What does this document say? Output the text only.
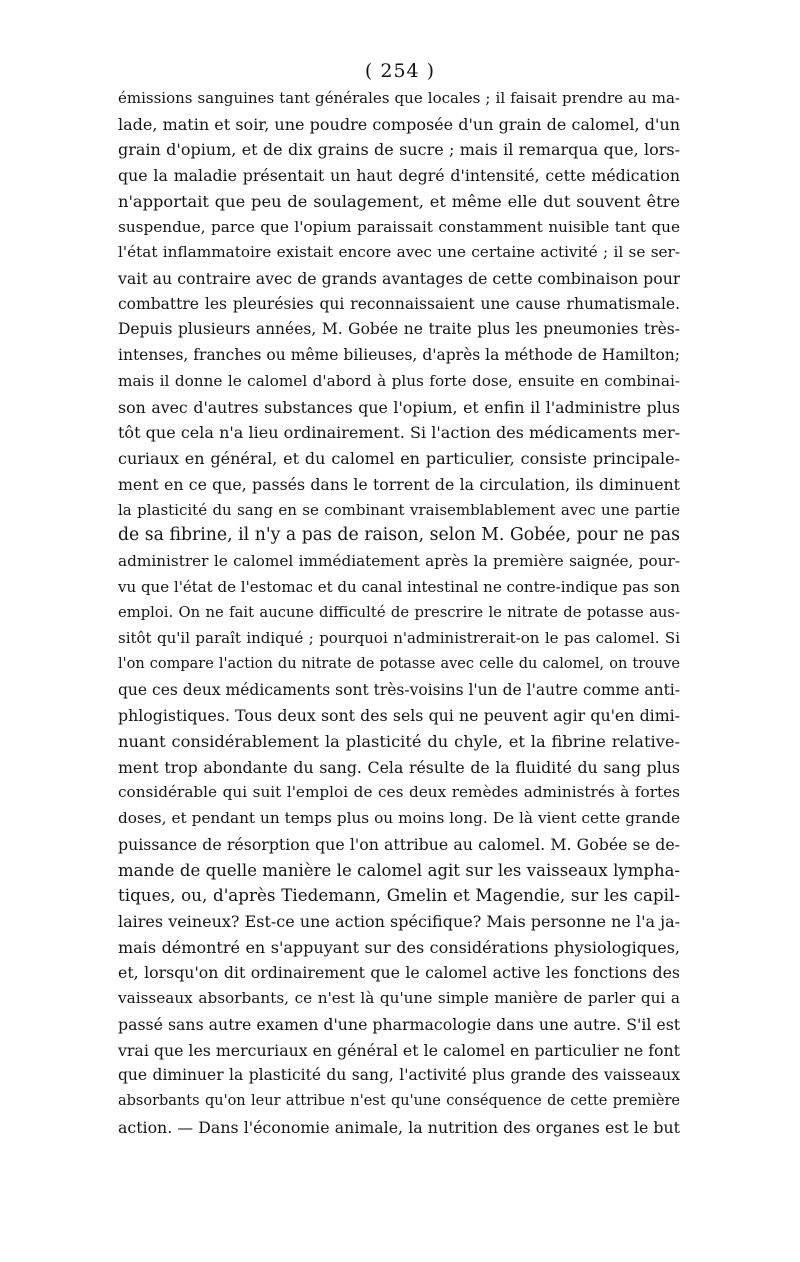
( 254 )
émissions sanguines tant générales que locales ; il faisait prendre au ma-
lade, matin et soir, une poudre composée d'un grain de calomel, d'un
grain d'opium, et de dix grains de sucre ; mais il remarqua que, lors-
que la maladie présentait un haut degré d'intensité, cette médication
n'apportait que peu de soulagement, et même elle dut souvent être
suspendue, parce que l'opium paraissait constamment nuisible tant que
l'état inflammatoire existait encore avec une certaine activité ; il se ser-
vait au contraire avec de grands avantages de cette combinaison pour
combattre les pleurésies qui reconnaissaient une cause rhumatismale.
Depuis plusieurs années, M. Gobée ne traite plus les pneumonies très-
intenses, franches ou même bilieuses, d'après la méthode de Hamilton;
mais il donne le calomel d'abord à plus forte dose, ensuite en combinai-
son avec d'autres substances que l'opium, et enfin il l'administre plus
tôt que cela n'a lieu ordinairement. Si l'action des médicaments mer-
curiaux en général, et du calomel en particulier, consiste principale-
ment en ce que, passés dans le torrent de la circulation, ils diminuent
la plasticité du sang en se combinant vraisemblablement avec une partie
de sa fibrine, il n'y a pas de raison, selon M. Gobée, pour ne pas
administrer le calomel immédiatement après la première saignée, pour-
vu que l'état de l'estomac et du canal intestinal ne contre-indique pas son
emploi. On ne fait aucune difficulté de prescrire le nitrate de potasse aus-
sitôt qu'il paraît indiqué ; pourquoi n'administrerait-on le pas calomel. Si
l'on compare l'action du nitrate de potasse avec celle du calomel, on trouve
que ces deux médicaments sont très-voisins l'un de l'autre comme anti-
phlogistiques. Tous deux sont des sels qui ne peuvent agir qu'en dimi-
nuant considérablement la plasticité du chyle, et la fibrine relative-
ment trop abondante du sang. Cela résulte de la fluidité du sang plus
considérable qui suit l'emploi de ces deux remèdes administrés à fortes
doses, et pendant un temps plus ou moins long. De là vient cette grande
puissance de résorption que l'on attribue au calomel. M. Gobée se de-
mande de quelle manière le calomel agit sur les vaisseaux lympha-
tiques, ou, d'après Tiedemann, Gmelin et Magendie, sur les capil-
laires veineux? Est-ce une action spécifique? Mais personne ne l'a ja-
mais démontré en s'appuyant sur des considérations physiologiques,
et, lorsqu'on dit ordinairement que le calomel active les fonctions des
vaisseaux absorbants, ce n'est là qu'une simple manière de parler qui a
passé sans autre examen d'une pharmacologie dans une autre. S'il est
vrai que les mercuriaux en général et le calomel en particulier ne font
que diminuer la plasticité du sang, l'activité plus grande des vaisseaux
absorbants qu'on leur attribue n'est qu'une conséquence de cette première
action. — Dans l'économie animale, la nutrition des organes est le but
